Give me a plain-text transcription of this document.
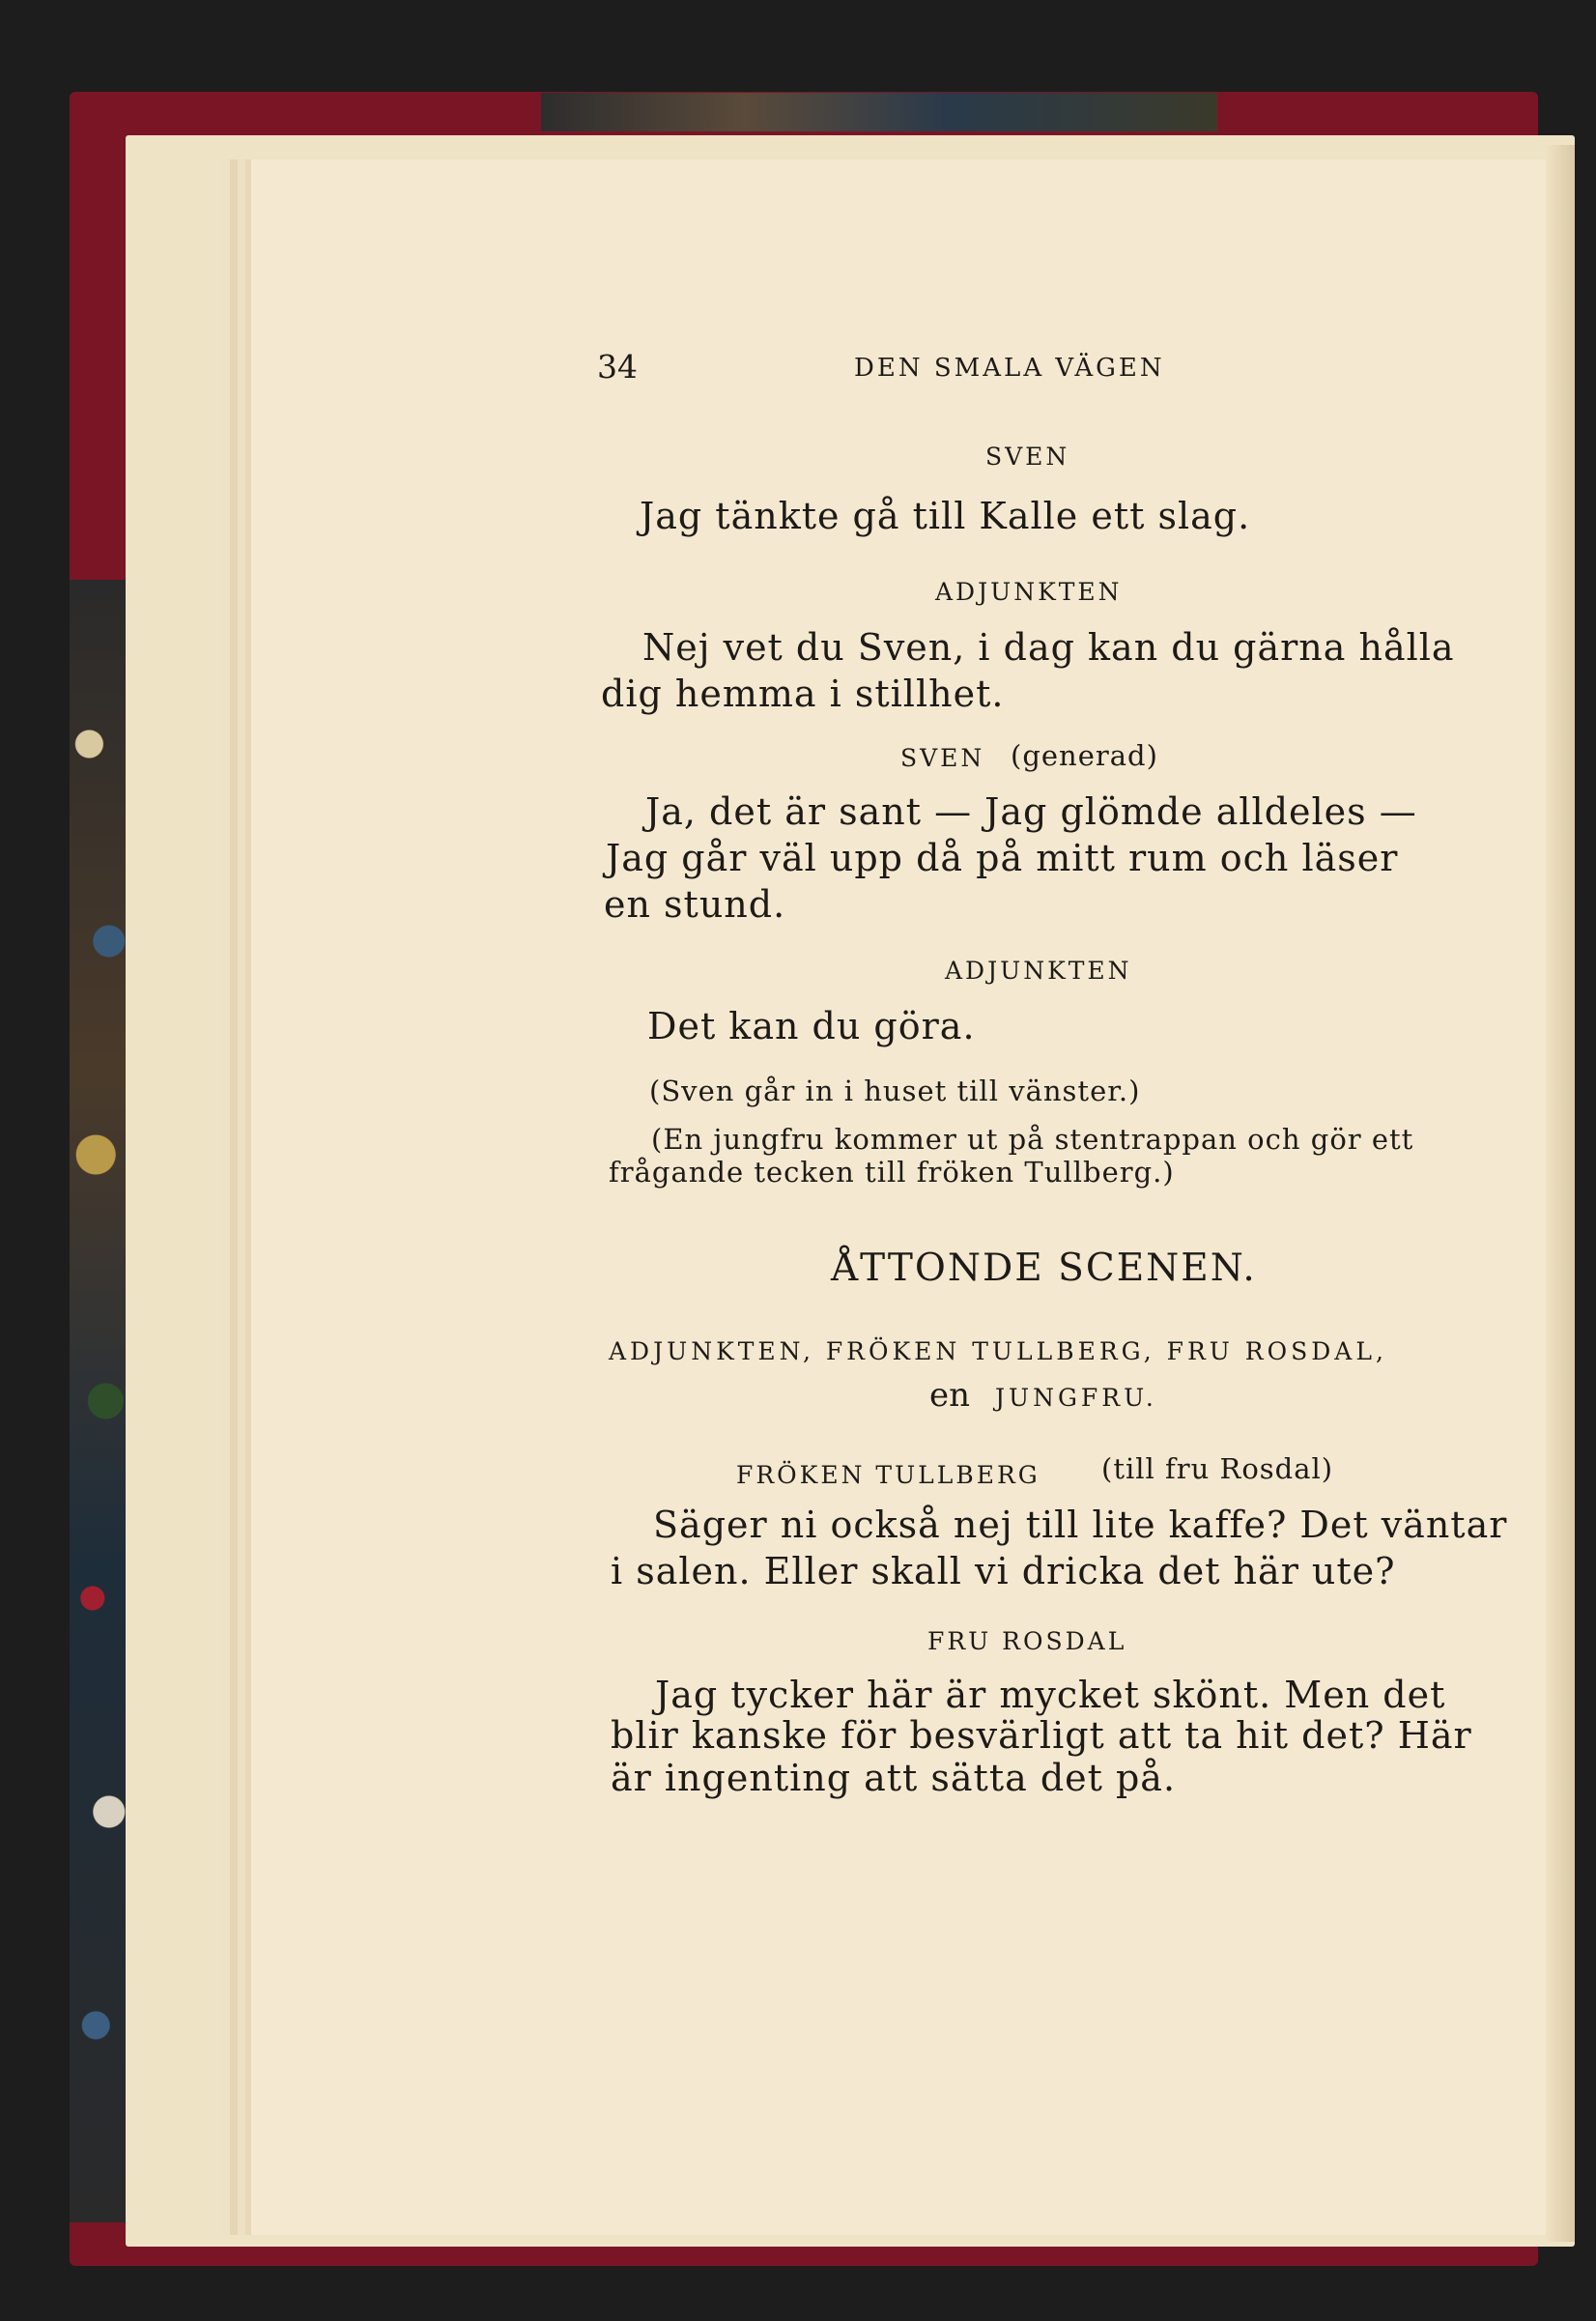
34	DEN SMALA VÄGEN
SVEN
Jag tänkte gå till Kalle ett slag.
ADJUNKTEN
Nej vet du Sven, i dag kan du gärna hålla
dig hemma i stillhet.
SVEN (generad)
Ja, det är sant — Jag glömde alldeles —
Jag går väl upp då på mitt rum och läser
en stund.
ADJUNKTEN
Det kan du göra.
(Sven går in i huset till vänster.)
(En jungfru kommer ut på stentrappan och gör ett
frågande tecken till fröken Tullberg.)
ÅTTONDE SCENEN.
ADJUNKTEN, FRÖKEN TULLBERG, FRU ROSDAL,
en JUNGFRU.
FRÖKEN TULLBERG (till fru Rosdal)
Säger ni också nej till lite kaffe? Det väntar
i salen. Eller skall vi dricka det här ute?
FRU ROSDAL
Jag tycker här är mycket skönt. Men det
blir kanske för besvärligt att ta hit det? Här
är ingenting att sätta det på.
